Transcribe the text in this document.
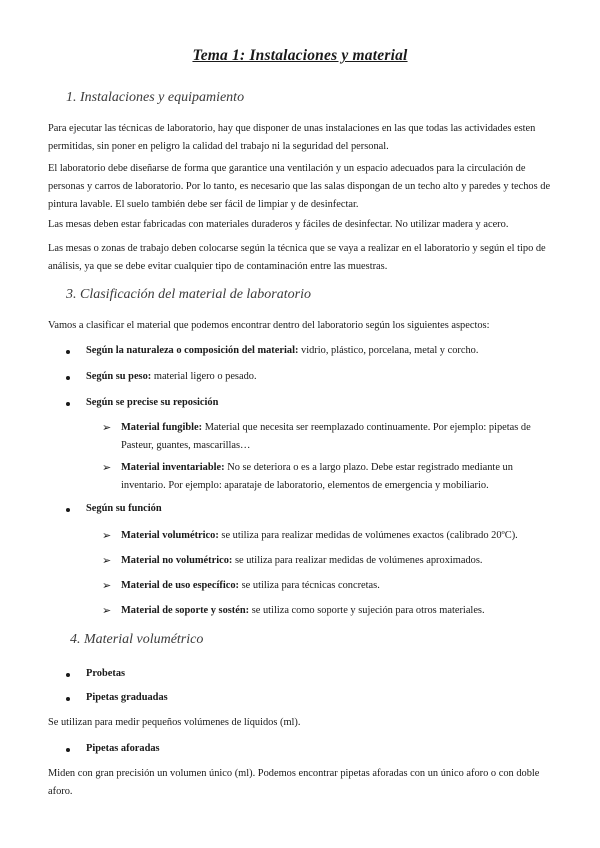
Tema 1: Instalaciones y material
1. Instalaciones y equipamiento
Para ejecutar las técnicas de laboratorio, hay que disponer de unas instalaciones en las que todas las actividades esten permitidas, sin poner en peligro la calidad del trabajo ni la seguridad del personal.
El laboratorio debe diseñarse de forma que garantice una ventilación y un espacio adecuados para la circulación de personas y carros de laboratorio. Por lo tanto, es necesario que las salas dispongan de un techo alto y paredes y techos de pintura lavable. El suelo también debe ser fácil de limpiar y de desinfectar.
Las mesas deben estar fabricadas con materiales duraderos y fáciles de desinfectar. No utilizar madera y acero.
Las mesas o zonas de trabajo deben colocarse según la técnica que se vaya a realizar en el laboratorio y según el tipo de análisis, ya que se debe evitar cualquier tipo de contaminación entre las muestras.
3. Clasificación del material de laboratorio
Vamos a clasificar el material que podemos encontrar dentro del laboratorio según los siguientes aspectos:
Según la naturaleza o composición del material: vidrio, plástico, porcelana, metal y corcho.
Según su peso: material ligero o pesado.
Según se precise su reposición
➢ Material fungible: Material que necesita ser reemplazado continuamente. Por ejemplo: pipetas de Pasteur, guantes, mascarillas…
➢ Material inventariable: No se deteriora o es a largo plazo. Debe estar registrado mediante un inventario. Por ejemplo: aparataje de laboratorio, elementos de emergencia y mobiliario.
Según su función
➢ Material volumétrico: se utiliza para realizar medidas de volúmenes exactos (calibrado 20ºC).
➢ Material no volumétrico: se utiliza para realizar medidas de volúmenes aproximados.
➢ Material de uso específico: se utiliza para técnicas concretas.
➢ Material de soporte y sostén: se utiliza como soporte y sujeción para otros materiales.
4. Material volumétrico
Probetas
Pipetas graduadas
Se utilizan para medir pequeños volúmenes de líquidos (ml).
Pipetas aforadas
Miden con gran precisión un volumen único (ml). Podemos encontrar pipetas aforadas con un único aforo o con doble aforo.
